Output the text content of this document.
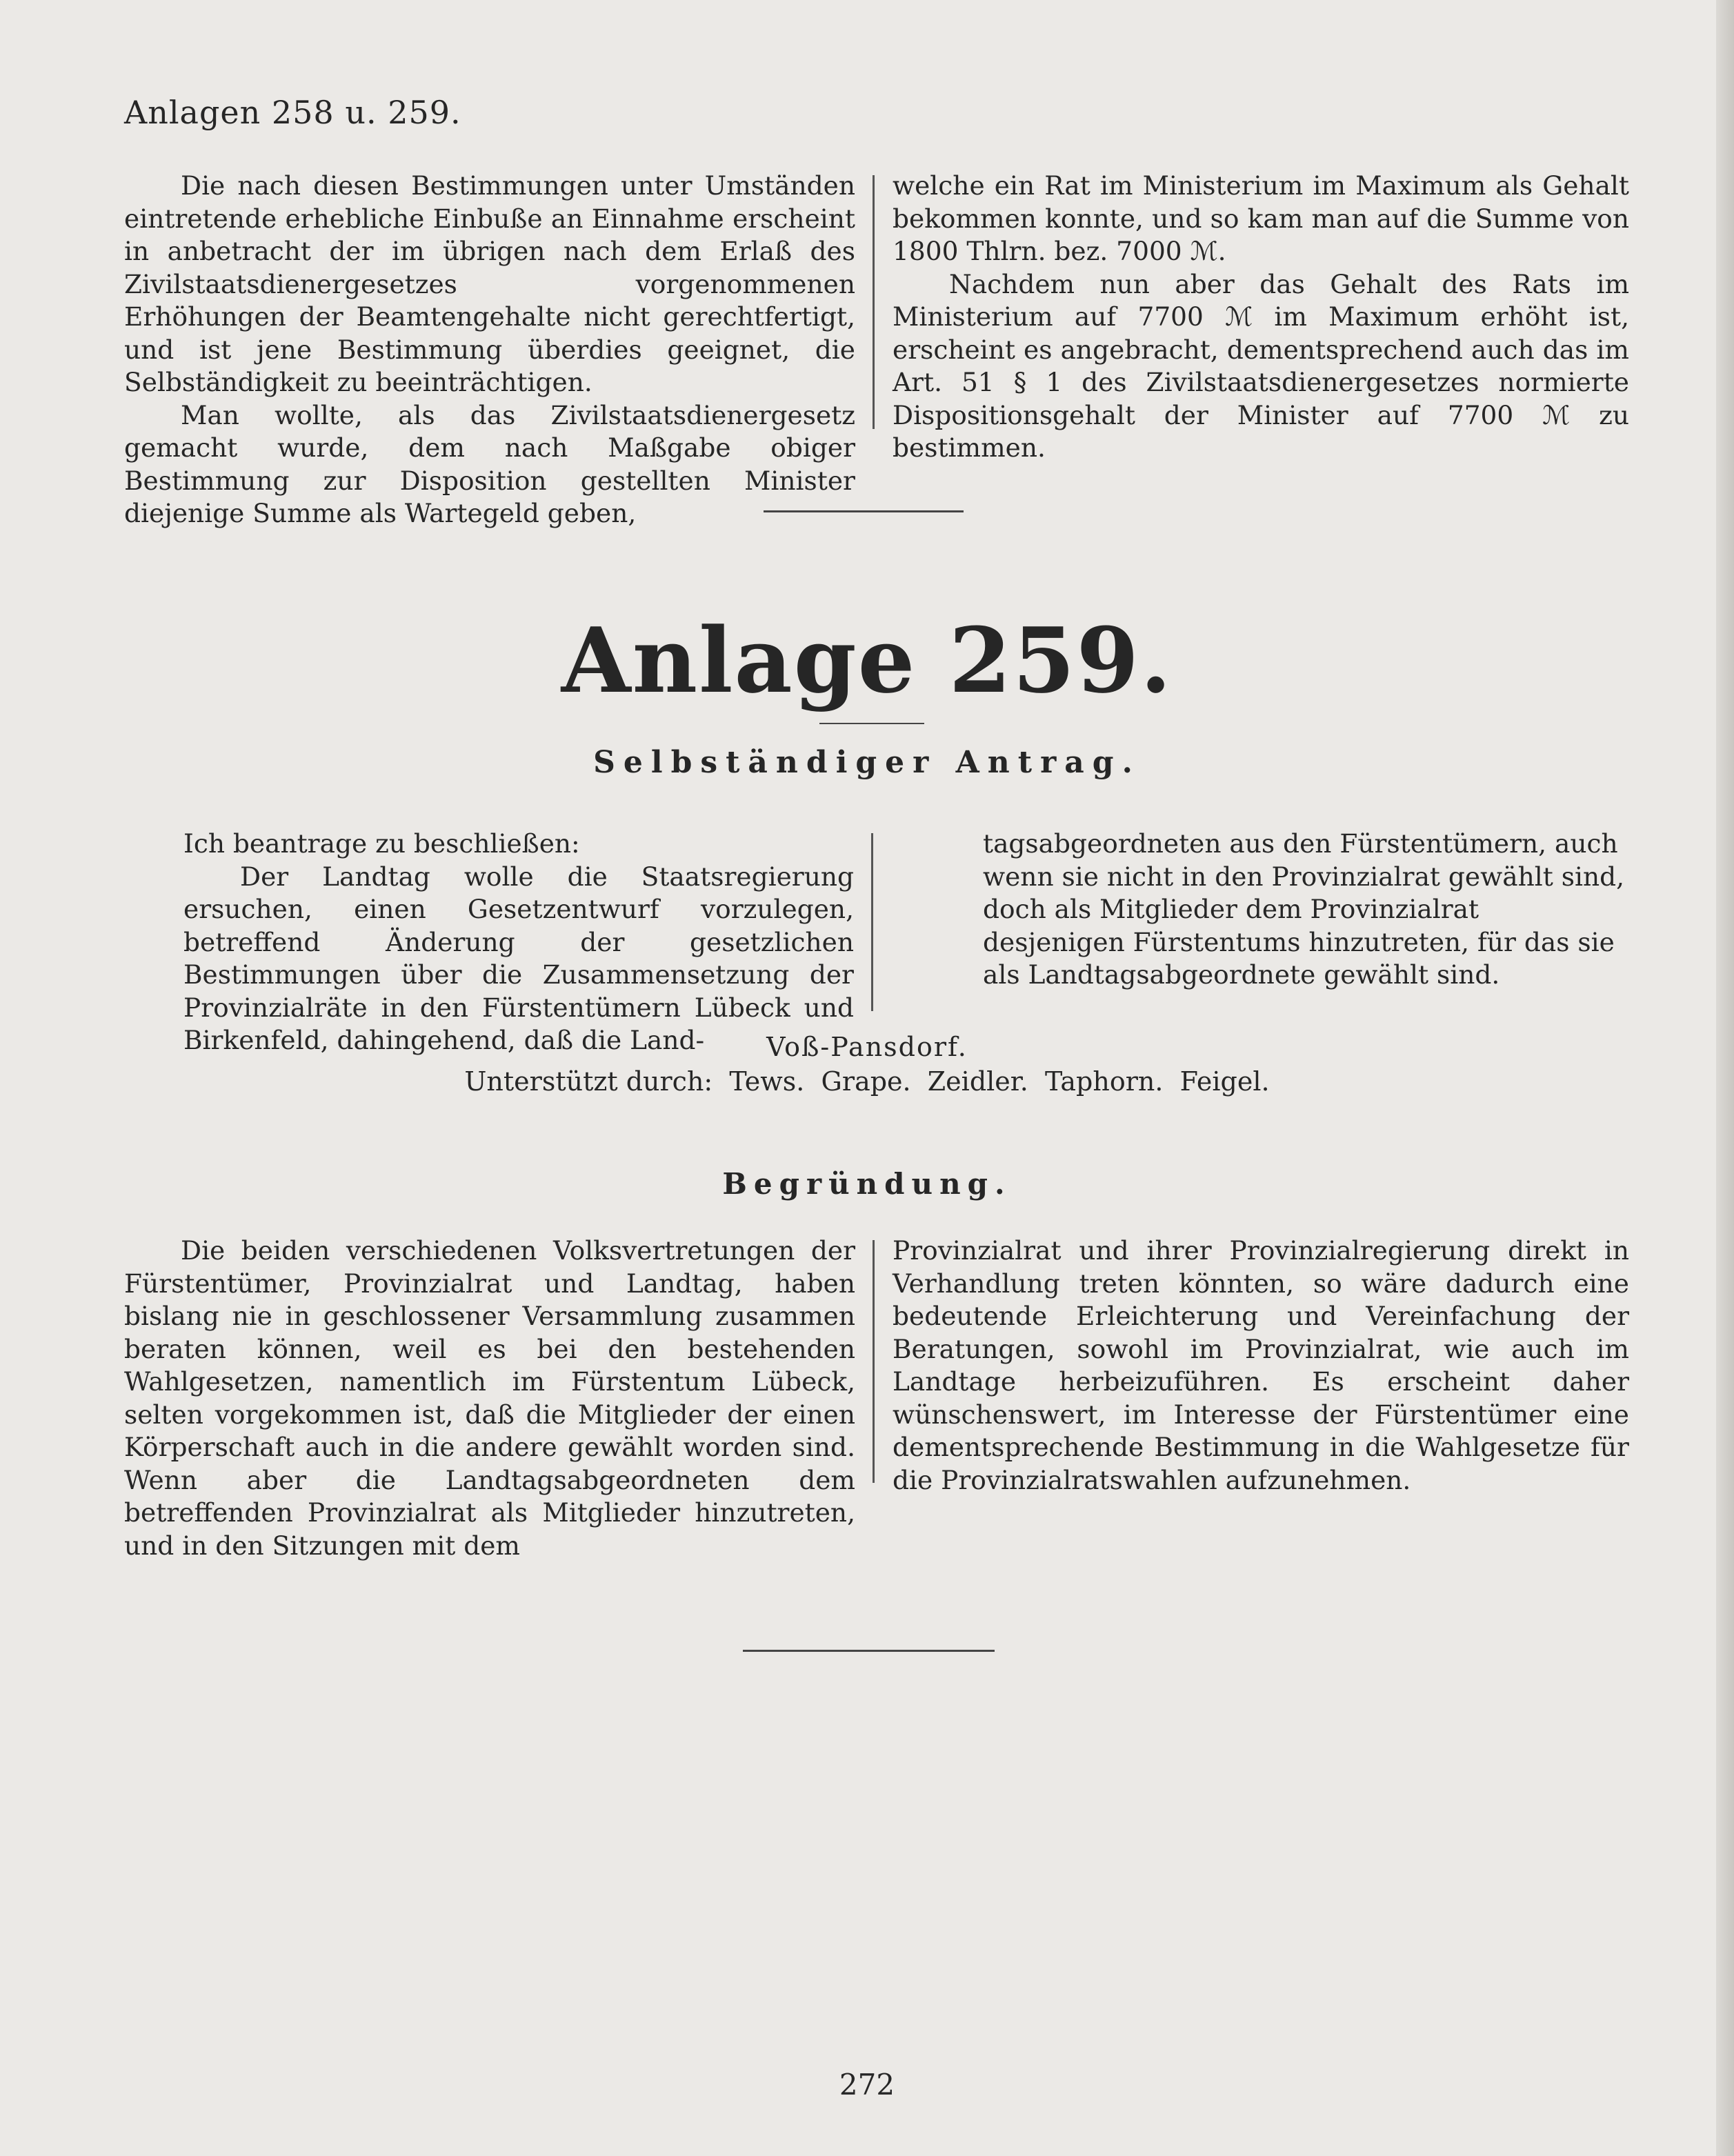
Anlagen 258 u. 259.

Die nach diesen Bestimmungen unter Umständen eintretende erhebliche Einbuße an Einnahme erscheint in anbetracht der im übrigen nach dem Erlaß des Zivilstaatsdienergesetzes vorgenommenen Erhöhungen der Beamtengehalte nicht gerechtfertigt, und ist jene Bestimmung überdies geeignet, die Selbständigkeit zu beeinträchtigen.

Man wollte, als das Zivilstaatsdienergesetz gemacht wurde, dem nach Maßgabe obiger Bestimmung zur Disposition gestellten Minister diejenige Summe als Wartegeld geben,

welche ein Rat im Ministerium im Maximum als Gehalt bekommen konnte, und so kam man auf die Summe von 1800 Thlrn. bez. 7000 ℳ.

Nachdem nun aber das Gehalt des Rats im Ministerium auf 7700 ℳ im Maximum erhöht ist, erscheint es angebracht, dementsprechend auch das im Art. 51 § 1 des Zivilstaatsdienergesetzes normierte Dispositionsgehalt der Minister auf 7700 ℳ zu bestimmen.

Anlage 259.
Selbständiger Antrag.

Ich beantrage zu beschließen:

Der Landtag wolle die Staatsregierung ersuchen, einen Gesetzentwurf vorzulegen, betreffend Änderung der gesetzlichen Bestimmungen über die Zusammensetzung der Provinzialräte in den Fürstentümern Lübeck und Birkenfeld, dahingehend, daß die Land-

tagsabgeordneten aus den Fürstentümern, auch wenn sie nicht in den Provinzialrat gewählt sind, doch als Mitglieder dem Provinzialrat desjenigen Fürstentums hinzutreten, für das sie als Landtagsabgeordnete gewählt sind.

Voß-Pansdorf.
Unterstützt durch:  Tews.  Grape.  Zeidler.  Taphorn.  Feigel.
Begründung.

Die beiden verschiedenen Volksvertretungen der Fürstentümer, Provinzialrat und Landtag, haben bislang nie in geschlossener Versammlung zusammen beraten können, weil es bei den bestehenden Wahlgesetzen, namentlich im Fürstentum Lübeck, selten vorgekommen ist, daß die Mitglieder der einen Körperschaft auch in die andere gewählt worden sind. Wenn aber die Landtagsabgeordneten dem betreffenden Provinzialrat als Mitglieder hinzutreten, und in den Sitzungen mit dem

Provinzialrat und ihrer Provinzialregierung direkt in Verhandlung treten könnten, so wäre dadurch eine bedeutende Erleichterung und Vereinfachung der Beratungen, sowohl im Provinzialrat, wie auch im Landtage herbeizuführen. Es erscheint daher wünschenswert, im Interesse der Fürstentümer eine dementsprechende Bestimmung in die Wahlgesetze für die Provinzialratswahlen aufzunehmen.

272
